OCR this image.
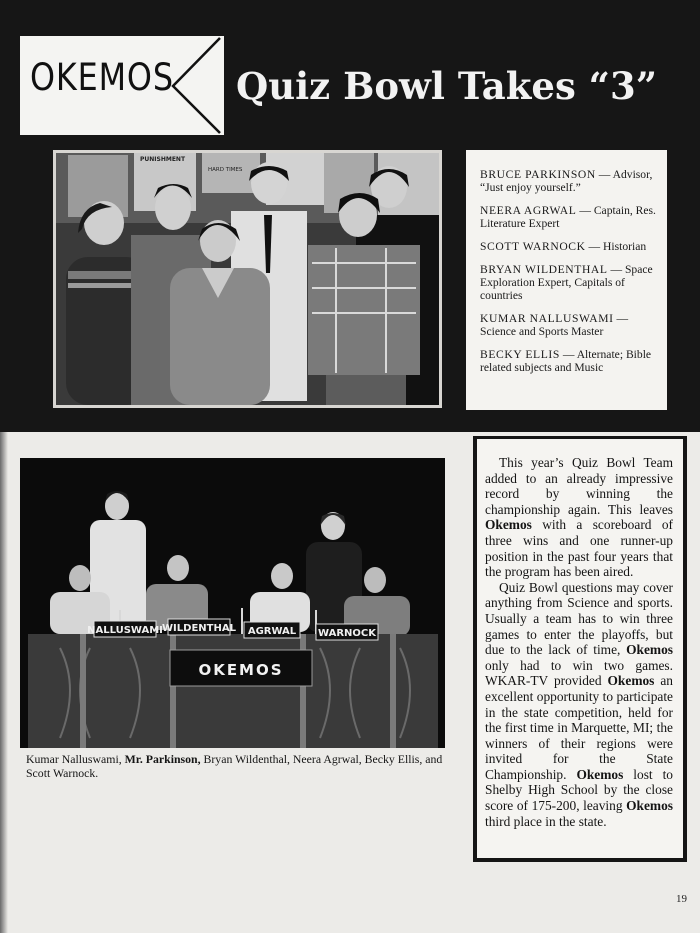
OKEMOS Quiz Bowl Takes “3”
PUNISHMENT
HARD TIMES	BRUCE PARKINSON — Advisor, “Just enjoy yourself.”
NEERA AGRWAL — Captain, Res. Literature Expert
SCOTT WARNOCK — Historian
BRYAN WILDENTHAL — Space Exploration Expert, Capitals of countries
KUMAR NALLUSWAMI — Science and Sports Master
BECKY ELLIS — Alternate; Bible related subjects and Music
NALLUSWAMI WILDENTHAL AGRWAL WARNOCK
OKEMOS

Kumar Nalluswami, Mr. Parkinson, Bryan Wildenthal, Neera Agrwal, Becky Ellis, and Scott Warnock.

This year’s Quiz Bowl Team added to an already impressive record by winning the championship again. This leaves Okemos with a scoreboard of three wins and one runner-up position in the past four years that the program has been aired.

Quiz Bowl questions may cover anything from Science and sports. Usually a team has to win three games to enter the playoffs, but due to the lack of time, Okemos only had to win two games. WKAR-TV provided Okemos an excellent opportunity to participate in the state competition, held for the first time in Marquette, MI; the winners of their regions were invited for the State Championship. Okemos lost to Shelby High School by the close score of 175-200, leaving Okemos third place in the state.

19
